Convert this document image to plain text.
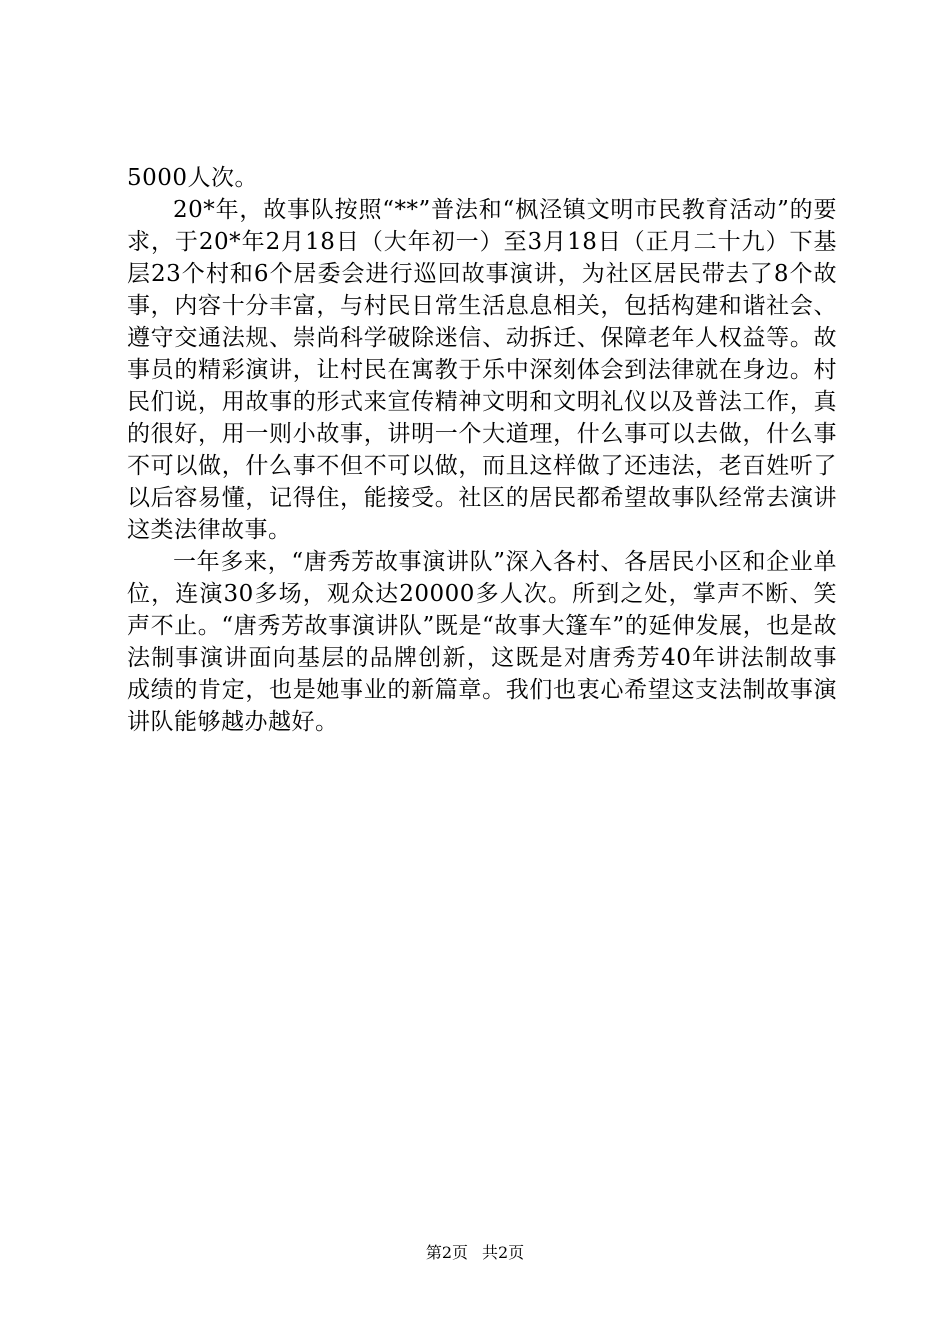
5000人次。

20*年，故事队按照“**”普法和“枫泾镇文明市民教育活动”的要求，于20*年2月18日（大年初一）至3月18日（正月二十九）下基层23个村和6个居委会进行巡回故事演讲，为社区居民带去了8个故事，内容十分丰富，与村民日常生活息息相关，包括构建和谐社会、遵守交通法规、崇尚科学破除迷信、动拆迁、保障老年人权益等。故事员的精彩演讲，让村民在寓教于乐中深刻体会到法律就在身边。村民们说，用故事的形式来宣传精神文明和文明礼仪以及普法工作，真的很好，用一则小故事，讲明一个大道理，什么事可以去做，什么事不可以做，什么事不但不可以做，而且这样做了还违法，老百姓听了以后容易懂，记得住，能接受。社区的居民都希望故事队经常去演讲这类法律故事。

一年多来，“唐秀芳故事演讲队”深入各村、各居民小区和企业单位，连演30多场，观众达20000多人次。所到之处，掌声不断、笑声不止。“唐秀芳故事演讲队”既是“故事大篷车”的延伸发展，也是故法制事演讲面向基层的品牌创新，这既是对唐秀芳40年讲法制故事成绩的肯定，也是她事业的新篇章。我们也衷心希望这支法制故事演讲队能够越办越好。

第2页 共2页
